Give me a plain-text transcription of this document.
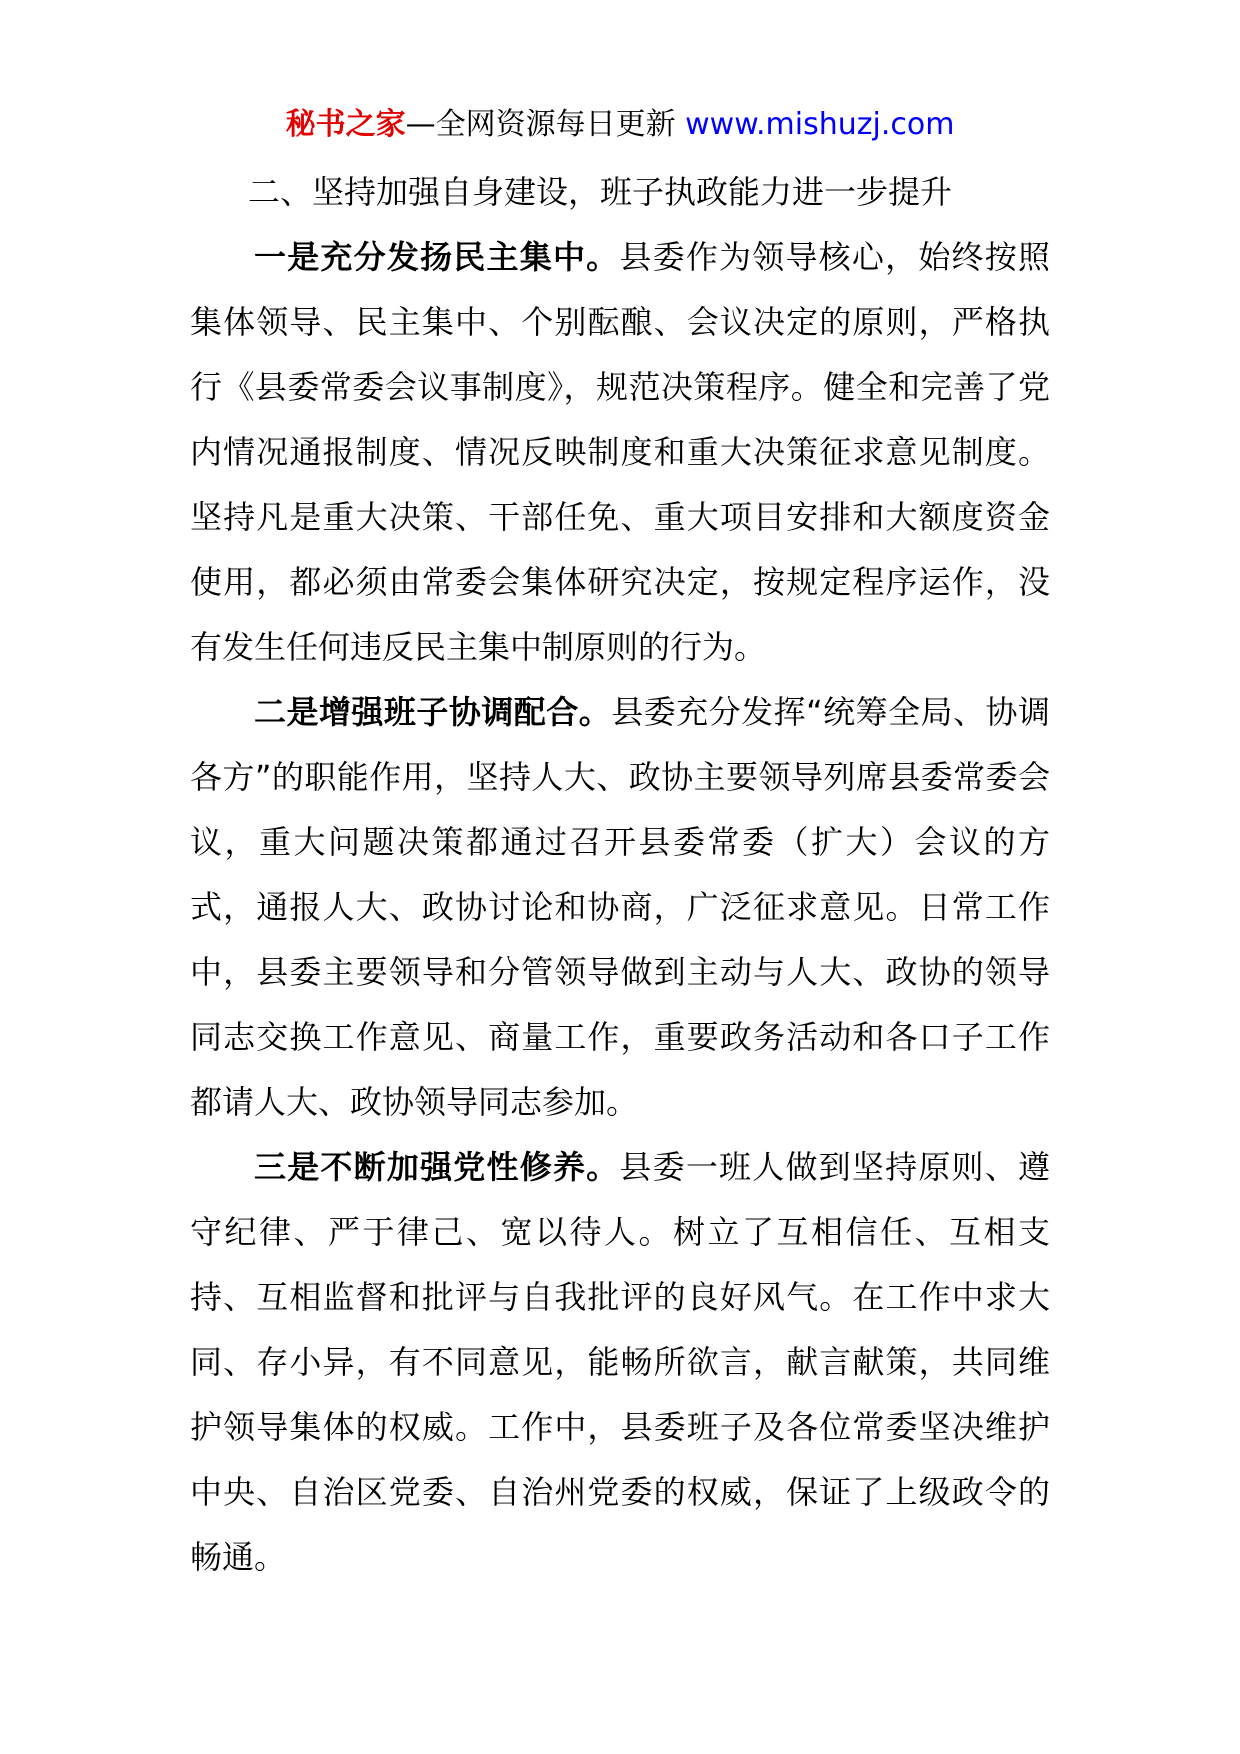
秘书之家—全网资源每日更新 www.mishuzj.com
二、坚持加强自身建设，班子执政能力进一步提升

一是充分发扬民主集中。县委作为领导核心，始终按照集体领导、民主集中、个别酝酿、会议决定的原则，严格执行《县委常委会议事制度》，规范决策程序。健全和完善了党内情况通报制度、情况反映制度和重大决策征求意见制度。坚持凡是重大决策、干部任免、重大项目安排和大额度资金使用，都必须由常委会集体研究决定，按规定程序运作，没有发生任何违反民主集中制原则的行为。

二是增强班子协调配合。县委充分发挥“统筹全局、协调各方”的职能作用，坚持人大、政协主要领导列席县委常委会议，重大问题决策都通过召开县委常委（扩大）会议的方式，通报人大、政协讨论和协商，广泛征求意见。日常工作中，县委主要领导和分管领导做到主动与人大、政协的领导同志交换工作意见、商量工作，重要政务活动和各口子工作都请人大、政协领导同志参加。

三是不断加强党性修养。县委一班人做到坚持原则、遵守纪律、严于律己、宽以待人。树立了互相信任、互相支持、互相监督和批评与自我批评的良好风气。在工作中求大同、存小异，有不同意见，能畅所欲言，献言献策，共同维护领导集体的权威。工作中，县委班子及各位常委坚决维护中央、自治区党委、自治州党委的权威，保证了上级政令的畅通。
